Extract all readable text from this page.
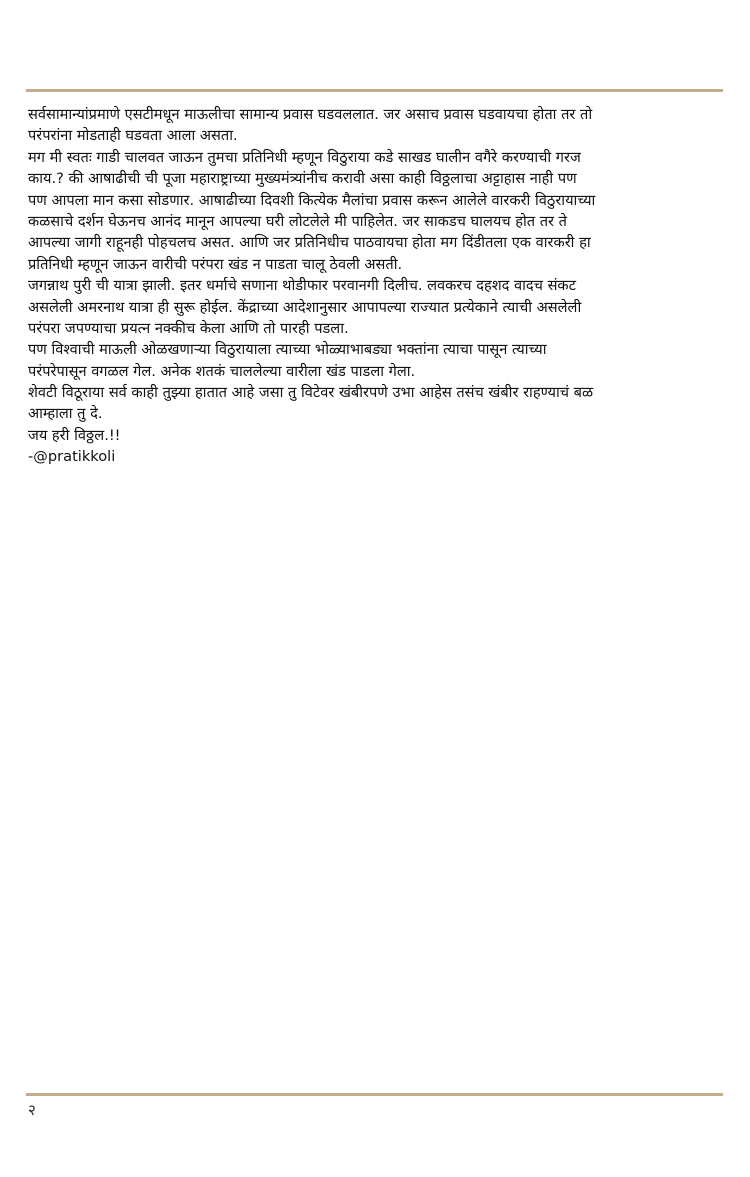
सर्वसामान्यांप्रमाणे एसटीमधून माऊलीचा सामान्य प्रवास घडवललात. जर असाच प्रवास घडवायचा होता तर तो
परंपरांना मोडताही घडवता आला असता.
मग मी स्वतः गाडी चालवत जाऊन तुमचा प्रतिनिधी म्हणून विठुराया कडे साखड घालीन वगैरे करण्याची गरज
काय.? की आषाढीची ची पूजा महाराष्ट्राच्या मुख्यमंत्र्यांनीच करावी असा काही विठ्ठलाचा अट्टाहास नाही पण
पण आपला मान कसा सोडणार. आषाढीच्या दिवशी कित्येक मैलांचा प्रवास करून आलेले वारकरी विठुरायाच्या
कळसाचे दर्शन घेऊनच आनंद मानून आपल्या घरी लोटलेले मी पाहिलेत. जर साकडच घालयच होत तर ते
आपल्या जागी राहूनही पोहचलच असत. आणि जर प्रतिनिधीच पाठवायचा होता मग दिंडीतला एक वारकरी हा
प्रतिनिधी म्हणून जाऊन वारीची परंपरा खंड न पाडता चालू ठेवली असती.
जगन्नाथ पुरी ची यात्रा झाली. इतर धर्माचे सणाना थोडीफार परवानगी दिलीच. लवकरच दहशद वादच संकट
असलेली अमरनाथ यात्रा ही सुरू होईल. केंद्राच्या आदेशानुसार आपापल्या राज्यात प्रत्येकाने त्याची असलेली
परंपरा जपण्याचा प्रयत्न नक्कीच केला आणि तो पारही पडला.
पण विश्वाची माऊली ओळखणाऱ्या विठुरायाला त्याच्या भोळ्याभाबड्या भक्तांना त्याचा पासून त्याच्या
परंपरेपासून वगळल गेल. अनेक शतकं चाललेल्या वारीला खंड पाडला गेला.
शेवटी विठूराया सर्व काही तुझ्या हातात आहे जसा तु विटेवर खंबीरपणे उभा आहेस तसंच खंबीर राहण्याचं बळ
आम्हाला तु दे.
जय हरी विठ्ठल.!!
-@pratikkoli
२
